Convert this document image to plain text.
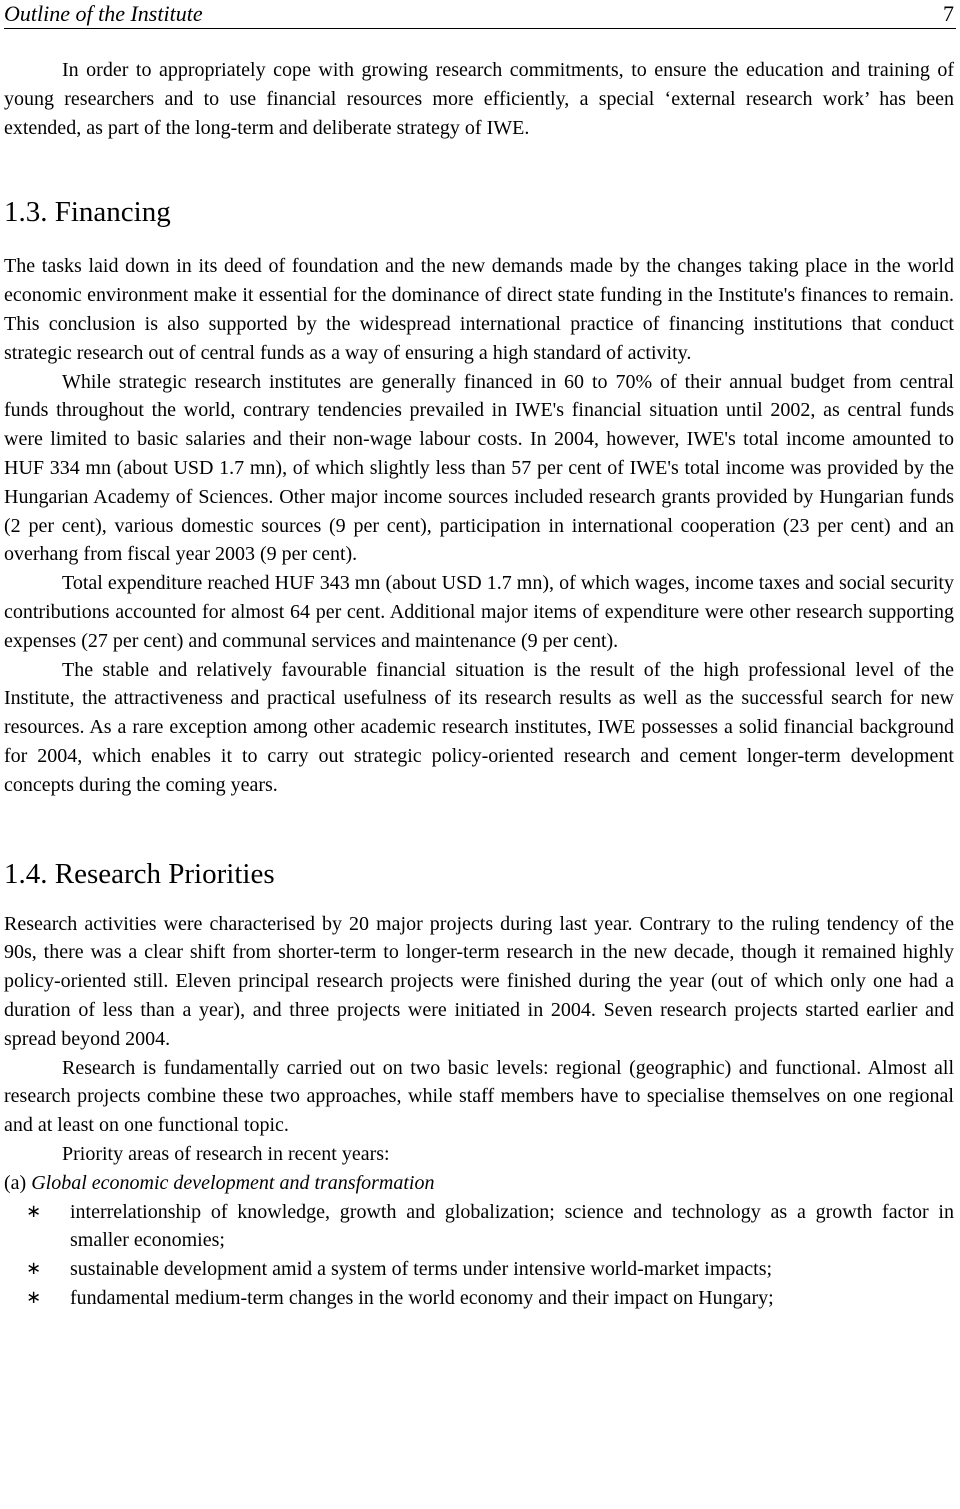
Outline of the Institute	7

In order to appropriately cope with growing research commitments, to ensure the education and training of young researchers and to use financial resources more efficiently, a special ‘external research work’ has been extended, as part of the long-term and deliberate strategy of IWE.

1.3. Financing

The tasks laid down in its deed of foundation and the new demands made by the changes taking place in the world economic environment make it essential for the dominance of direct state funding in the Institute's finances to remain. This conclusion is also supported by the widespread international practice of financing institutions that conduct strategic research out of central funds as a way of ensuring a high standard of activity.

While strategic research institutes are generally financed in 60 to 70% of their annual budget from central funds throughout the world, contrary tendencies prevailed in IWE's financial situation until 2002, as central funds were limited to basic salaries and their non-wage labour costs. In 2004, however, IWE's total income amounted to HUF 334 mn (about USD 1.7 mn), of which slightly less than 57 per cent of IWE's total income was provided by the Hungarian Academy of Sciences. Other major income sources included research grants provided by Hungarian funds (2 per cent), various domestic sources (9 per cent), participation in international cooperation (23 per cent) and an overhang from fiscal year 2003 (9 per cent).

Total expenditure reached HUF 343 mn (about USD 1.7 mn), of which wages, income taxes and social security contributions accounted for almost 64 per cent. Additional major items of expenditure were other research supporting expenses (27 per cent) and communal services and maintenance (9 per cent).

The stable and relatively favourable financial situation is the result of the high professional level of the Institute, the attractiveness and practical usefulness of its research results as well as the successful search for new resources. As a rare exception among other academic research institutes, IWE possesses a solid financial background for 2004, which enables it to carry out strategic policy-oriented research and cement longer-term development concepts during the coming years.

1.4. Research Priorities

Research activities were characterised by 20 major projects during last year. Contrary to the ruling tendency of the 90s, there was a clear shift from shorter-term to longer-term research in the new decade, though it remained highly policy-oriented still. Eleven principal research projects were finished during the year (out of which only one had a duration of less than a year), and three projects were initiated in 2004. Seven research projects started earlier and spread beyond 2004.

Research is fundamentally carried out on two basic levels: regional (geographic) and functional. Almost all research projects combine these two approaches, while staff members have to specialise themselves on one regional and at least on one functional topic.

Priority areas of research in recent years:

(a) Global economic development and transformation
∗ interrelationship of knowledge, growth and globalization; science and technology as a growth factor in smaller economies;
∗ sustainable development amid a system of terms under intensive world-market impacts;
∗ fundamental medium-term changes in the world economy and their impact on Hungary;
